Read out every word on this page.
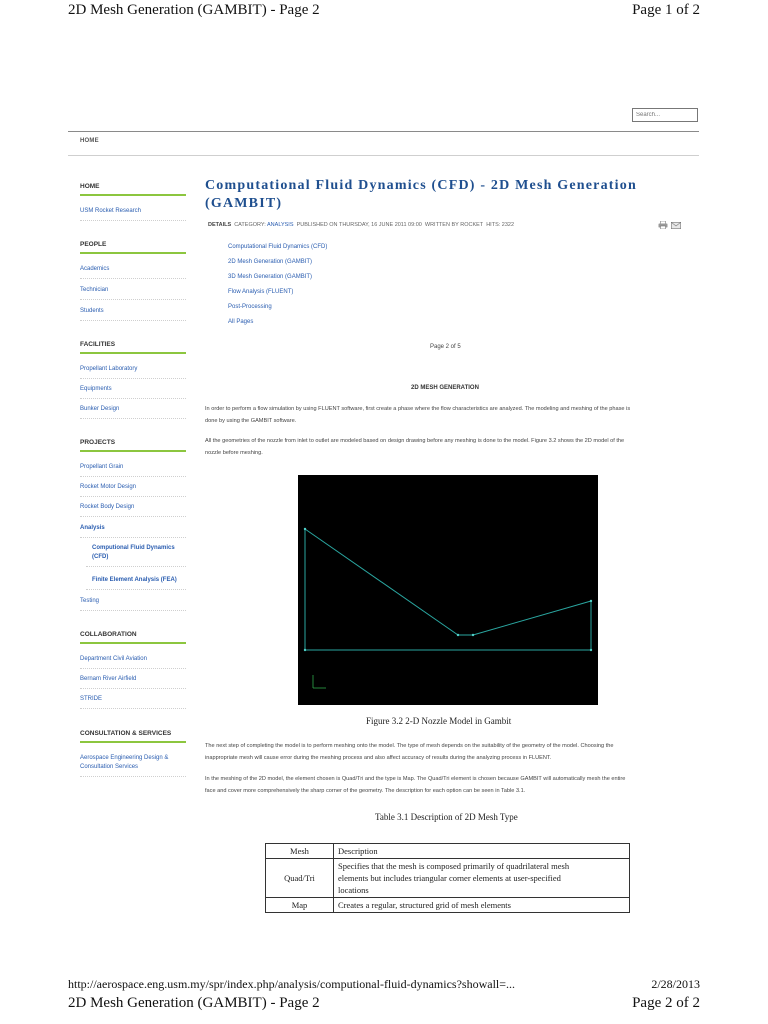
2D Mesh Generation (GAMBIT) - Page 2	Page 1 of 2
Search...
HOME
HOME
USM Rocket Research
PEOPLE
Academics
Technician
Students
FACILITIES
Propellant Laboratory
Equipments
Bunker Design
PROJECTS
Propellant Grain
Rocket Motor Design
Rocket Body Design
Analysis
Computional Fluid Dynamics
(CFD)
Finite Element Analysis (FEA)
Testing
COLLABORATION
Department Civil Aviation
Bernam River Airfield
STRIDE
CONSULTATION & SERVICES
Aerospace Engineering Design &
Consultation Services
Computational Fluid Dynamics (CFD) - 2D Mesh Generation
(GAMBIT)
DETAILS CATEGORY: ANALYSIS PUBLISHED ON THURSDAY, 16 JUNE 2011 09:00 WRITTEN BY ROCKET HITS: 2322
Computational Fluid Dynamics (CFD)
2D Mesh Generation (GAMBIT)
3D Mesh Generation (GAMBIT)
Flow Analysis (FLUENT)
Post-Processing
All Pages
Page 2 of 5
2D MESH GENERATION

In order to perform a flow simulation by using FLUENT software, first create a phase where the flow characteristics are analyzed. The modeling and meshing of the phase is
done by using the GAMBIT software.

All the geometries of the nozzle from inlet to outlet are modeled based on design drawing before any meshing is done to the model. Figure 3.2 shows the 2D model of the
nozzle before meshing.

Figure 3.2 2-D Nozzle Model in Gambit

The next step of completing the model is to perform meshing onto the model. The type of mesh depends on the suitability of the geometry of the model. Choosing the
inappropriate mesh will cause error during the meshing process and also affect accuracy of results during the analyzing process in FLUENT.

In the meshing of the 2D model, the element chosen is Quad/Tri and the type is Map. The Quad/Tri element is chosen because GAMBIT will automatically mesh the entire
face and cover more comprehensively the sharp corner of the geometry. The description for each option can be seen in Table 3.1.

Table 3.1 Description of 2D Mesh Type
Mesh	Description
Quad/Tri	Specifies that the mesh is composed primarily of quadrilateral mesh
elements but includes triangular corner elements at user-specified
locations
Map	Creates a regular, structured grid of mesh elements
http://aerospace.eng.usm.my/spr/index.php/analysis/computional-fluid-dynamics?showall=...	2/28/2013
2D Mesh Generation (GAMBIT) - Page 2	Page 2 of 2
